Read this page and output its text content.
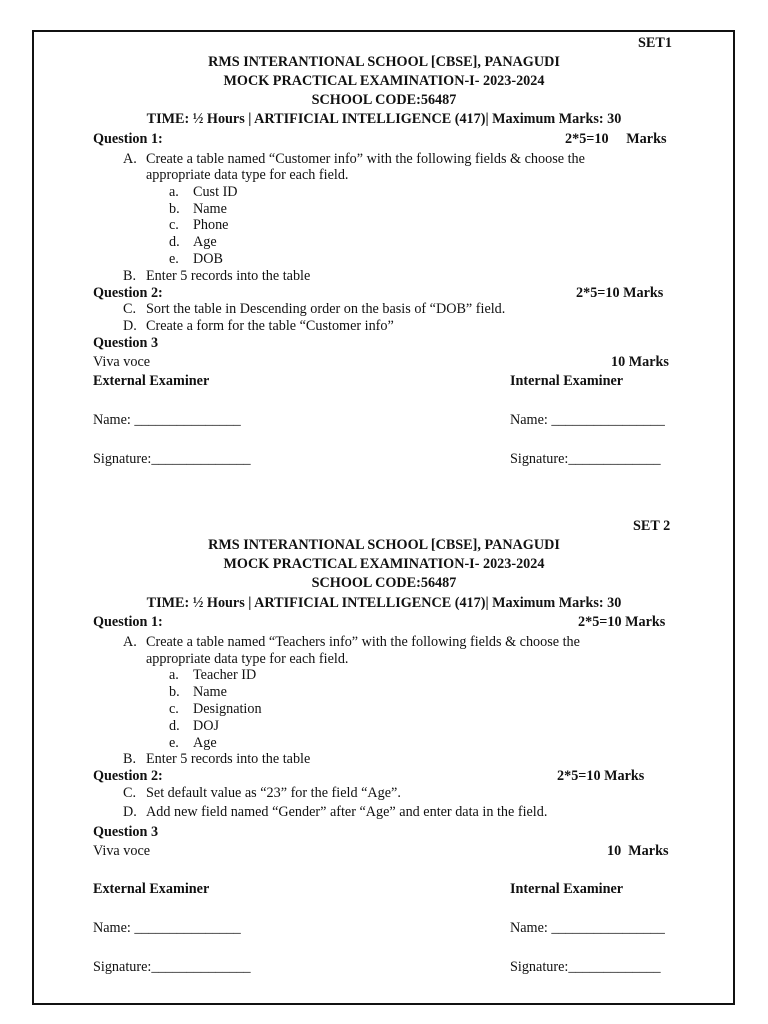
SET1
RMS INTERANTIONAL SCHOOL [CBSE], PANAGUDI
MOCK PRACTICAL EXAMINATION-I- 2023-2024
SCHOOL CODE:56487
TIME: ½ Hours | ARTIFICIAL INTELLIGENCE (417)| Maximum Marks: 30
Question 1:	2*5=10     Marks
A. Create a table named “Customer info” with the following fields & choose the
appropriate data type for each field.
a. Cust ID
b. Name
c. Phone
d. Age
e. DOB
B. Enter 5 records into the table
Question 2:	2*5=10 Marks
C. Sort the table in Descending order on the basis of “DOB” field.
D. Create a form for the table “Customer info”
Question 3
Viva voce	10 Marks
External Examiner	Internal Examiner
Name: _______________	Name: ________________
Signature:______________	Signature:_____________
SET 2
RMS INTERANTIONAL SCHOOL [CBSE], PANAGUDI
MOCK PRACTICAL EXAMINATION-I- 2023-2024
SCHOOL CODE:56487
TIME: ½ Hours | ARTIFICIAL INTELLIGENCE (417)| Maximum Marks: 30
Question 1:	2*5=10 Marks
A. Create a table named “Teachers info” with the following fields & choose the
appropriate data type for each field.
a. Teacher ID
b. Name
c. Designation
d. DOJ
e. Age
B. Enter 5 records into the table
Question 2:	2*5=10 Marks
C. Set default value as “23” for the field “Age”.
D. Add new field named “Gender” after “Age” and enter data in the field.
Question 3
Viva voce	10  Marks
External Examiner	Internal Examiner
Name: _______________	Name: ________________
Signature:______________	Signature:_____________
